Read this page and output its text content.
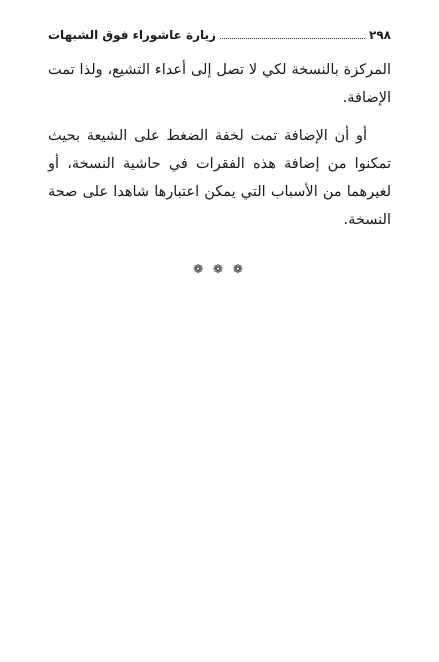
٢٩٨
زيارة عاشوراء فوق الشبهات

المركزة بالنسخة لكي لا تصل إلى أعداء التشيع، ولذا تمت الإضافة.

أو أن الإضافة تمت لخفة الضغط على الشيعة بحيث تمكنوا من إضافة هذه الفقرات في حاشية النسخة، أو لغيرهما من الأسباب التي يمكن اعتبارها شاهدا على صحة النسخة.

❁ ❁ ❁
